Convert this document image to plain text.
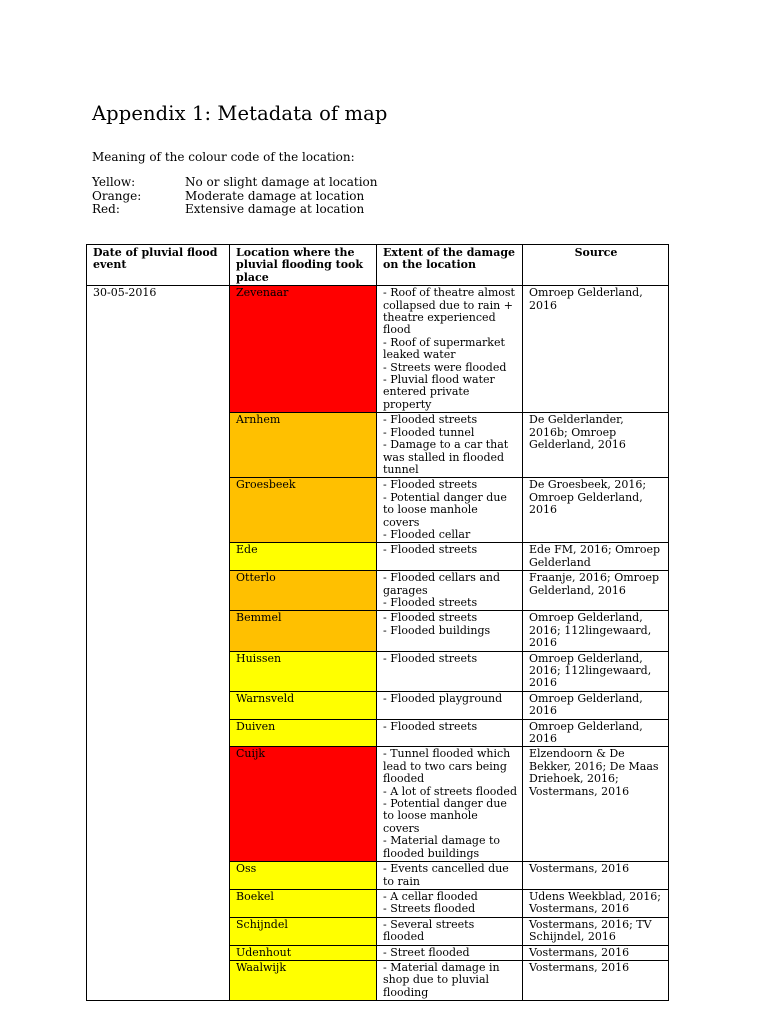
Appendix 1: Metadata of map

Meaning of the colour code of the location:

Yellow:	No or slight damage at location
Orange:	Moderate damage at location
Red:	Extensive damage at location
Date of pluvial flood event	Location where the pluvial flooding took place	Extent of the damage on the location	Source
30-05-2016	Zevenaar	- Roof of theatre almost collapsed due to rain + theatre experienced flood
- Roof of supermarket leaked water
- Streets were flooded
- Pluvial flood water entered private property	Omroep Gelderland, 2016
	Arnhem	- Flooded streets
- Flooded tunnel
- Damage to a car that was stalled in flooded tunnel	De Gelderlander, 2016b; Omroep Gelderland, 2016
	Groesbeek	- Flooded streets
- Potential danger due to loose manhole covers
- Flooded cellar	De Groesbeek, 2016; Omroep Gelderland, 2016
	Ede	- Flooded streets	Ede FM, 2016; Omroep Gelderland
	Otterlo	- Flooded cellars and garages
- Flooded streets	Fraanje, 2016; Omroep Gelderland, 2016
	Bemmel	- Flooded streets
- Flooded buildings	Omroep Gelderland, 2016; 112lingewaard, 2016
	Huissen	- Flooded streets	Omroep Gelderland, 2016; 112lingewaard, 2016
	Warnsveld	- Flooded playground	Omroep Gelderland, 2016
	Duiven	- Flooded streets	Omroep Gelderland, 2016
	Cuijk	- Tunnel flooded which lead to two cars being flooded
- A lot of streets flooded
- Potential danger due to loose manhole covers
- Material damage to flooded buildings	Elzendoorn & De Bekker, 2016; De Maas Driehoek, 2016; Vostermans, 2016
	Oss	- Events cancelled due to rain	Vostermans, 2016
	Boekel	- A cellar flooded
- Streets flooded	Udens Weekblad, 2016; Vostermans, 2016
	Schijndel	- Several streets flooded	Vostermans, 2016; TV Schijndel, 2016
	Udenhout	- Street flooded	Vostermans, 2016
	Waalwijk	- Material damage in shop due to pluvial flooding	Vostermans, 2016
